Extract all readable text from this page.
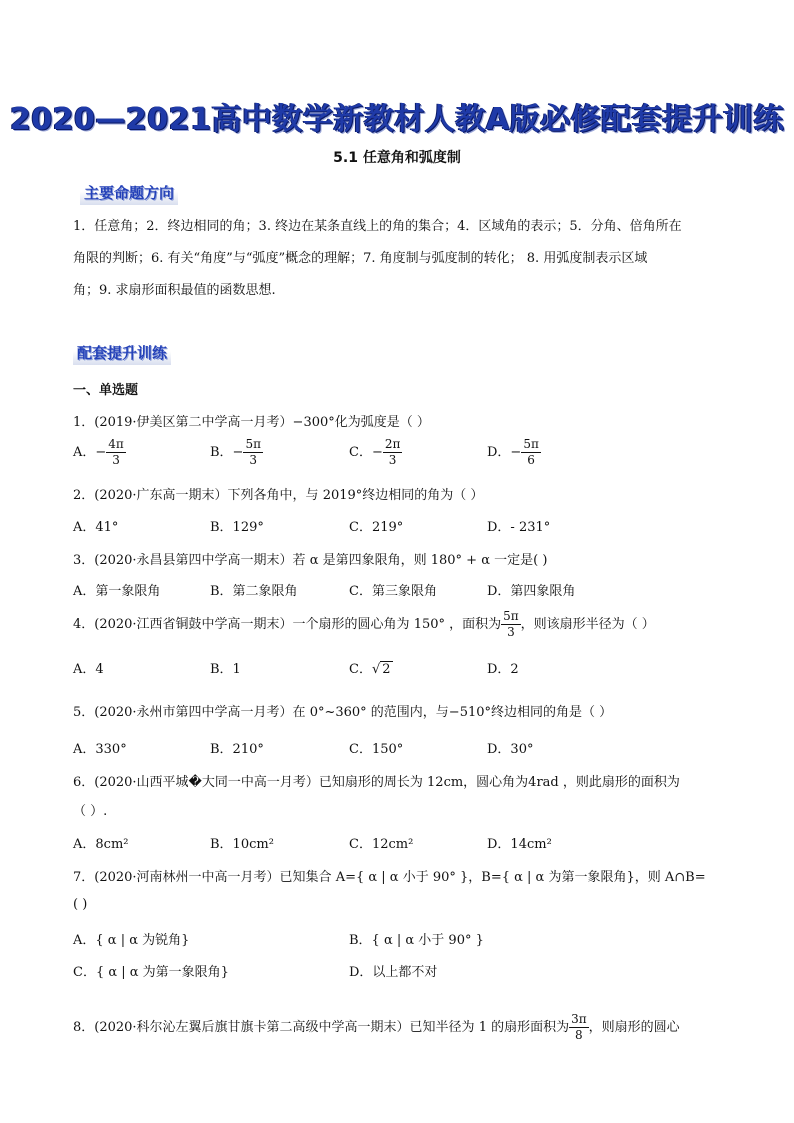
2020—2021高中数学新教材人教A版必修配套提升训练
5.1 任意角和弧度制
主要命题方向
1．任意角；2．终边相同的角；3. 终边在某条直线上的角的集合；4．区域角的表示；5．分角、倍角所在
角限的判断；6. 有关“角度”与“弧度”概念的理解；7. 角度制与弧度制的转化； 8. 用弧度制表示区域
角；9. 求扇形面积最值的函数思想.
配套提升训练
一、单选题
1．(2019·伊美区第二中学高一月考）−300°化为弧度是（ ）
A．− $\frac{4\pi}{3}$	B．− $\frac{5\pi}{3}$	C．− $\frac{2\pi}{3}$	D．− $\frac{5\pi}{6}$
2．(2020·广东高一期末）下列各角中，与 2019°终边相同的角为（ ）
A．41°	B．129°	C．219°	D．- 231°
3．(2020·永昌县第四中学高一期末）若 α 是第四象限角，则 180° + α 一定是( )
A．第一象限角	B．第二象限角	C．第三象限角	D．第四象限角
4．(2020·江西省铜鼓中学高一期末）一个扇形的圆心角为 150° ，面积为 $\frac{5\pi}{3}$ ，则该扇形半径为（ ）
A．4	B．1	C．√ 2	D．2
5．(2020·永州市第四中学高一月考）在 0°~360° 的范围内，与−510°终边相同的角是（ ）
A．330°	B．210°	C．150°	D．30°
6．(2020·山西平城�大同一中高一月考）已知扇形的周长为 12cm，圆心角为4rad ，则此扇形的面积为
（ ）.
A．8cm²	B．10cm²	C．12cm²	D．14cm²
7．(2020·河南林州一中高一月考）已知集合 A={ α | α 小于 90° }，B={ α | α 为第一象限角}，则 A∩B=
( )
A．{ α | α 为锐角}	B．{ α | α 小于 90° }
C．{ α | α 为第一象限角}	D．以上都不对
8．(2020·科尔沁左翼后旗甘旗卡第二高级中学高一期末）已知半径为 1 的扇形面积为 $\frac{3\pi}{8}$ ，则扇形的圆心
